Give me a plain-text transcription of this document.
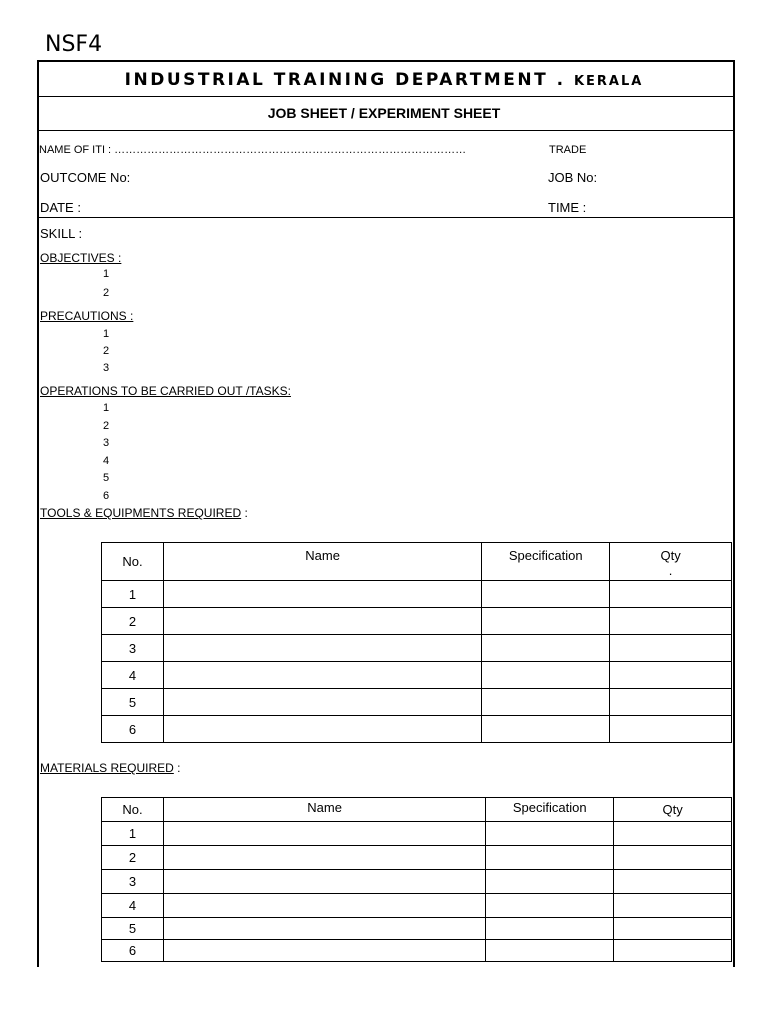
NSF4
INDUSTRIAL TRAINING DEPARTMENT . KERALA
JOB SHEET / EXPERIMENT SHEET
NAME OF ITI : ……………………………………………………………………………………	TRADE
OUTCOME No:	JOB No:
DATE :	TIME :
SKILL :
OBJECTIVES :
1
2
PRECAUTIONS :
1
2
3
OPERATIONS TO BE CARRIED OUT /TASKS:
1
2
3
4
5
6
TOOLS & EQUIPMENTS REQUIRED :
No.	Name	Specification	Qty
.
1			
2			
3			
4			
5			
6			
MATERIALS REQUIRED :
No.	Name	Specification	Qty
1			
2			
3			
4			
5			
6			
